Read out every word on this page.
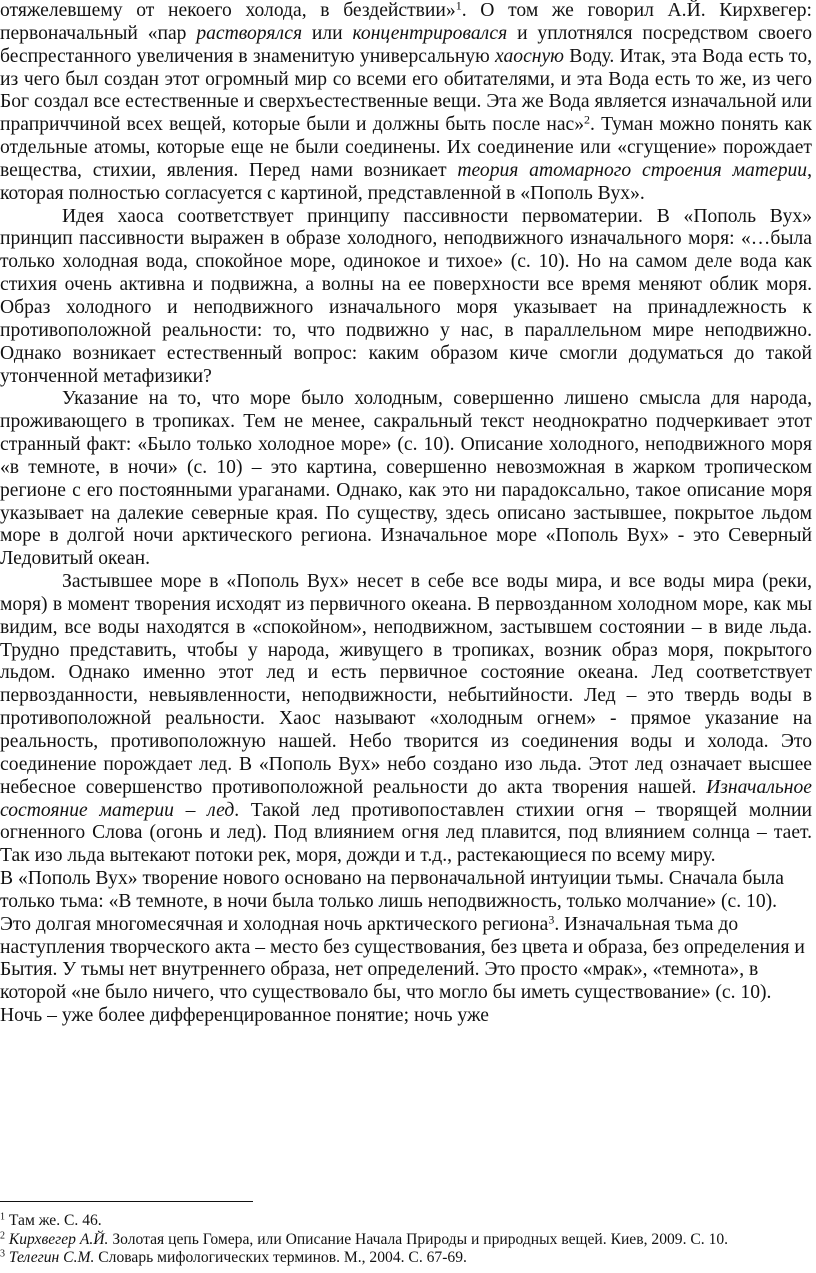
отяжелевшему от некоего холода, в бездействии»$^1$. О том же говорил А.Й. Кирхвегер: первоначальный «пар растворялся или концентрировался и уплотнялся посредством своего беспрестанного увеличения в знаменитую универсальную хаосную Воду. Итак, эта Вода есть то, из чего был создан этот огромный мир со всеми его обитателями, и эта Вода есть то же, из чего Бог создал все естественные и сверхъестественные вещи. Эта же Вода является изначальной или праприччиной всех вещей, которые были и должны быть после нас»$^2$. Туман можно понять как отдельные атомы, которые еще не были соединены. Их соединение или «сгущение» порождает вещества, стихии, явления. Перед нами возникает теория атомарного строения материи, которая полностью согласуется с картиной, представленной в «Пополь Вух».

Идея хаоса соответствует принципу пассивности первоматерии. В «Пополь Вух» принцип пассивности выражен в образе холодного, неподвижного изначального моря: «…была только холодная вода, спокойное море, одинокое и тихое» (с. 10). Но на самом деле вода как стихия очень активна и подвижна, а волны на ее поверхности все время меняют облик моря. Образ холодного и неподвижного изначального моря указывает на принадлежность к противоположной реальности: то, что подвижно у нас, в параллельном мире неподвижно. Однако возникает естественный вопрос: каким образом киче смогли додуматься до такой утонченной метафизики?

Указание на то, что море было холодным, совершенно лишено смысла для народа, проживающего в тропиках. Тем не менее, сакральный текст неоднократно подчеркивает этот странный факт: «Было только холодное море» (с. 10). Описание холодного, неподвижного моря «в темноте, в ночи» (с. 10) – это картина, совершенно невозможная в жарком тропическом регионе с его постоянными ураганами. Однако, как это ни парадоксально, такое описание моря указывает на далекие северные края. По существу, здесь описано застывшее, покрытое льдом море в долгой ночи арктического региона. Изначальное море «Пополь Вух» - это Северный Ледовитый океан.

Застывшее море в «Пополь Вух» несет в себе все воды мира, и все воды мира (реки, моря) в момент творения исходят из первичного океана. В первозданном холодном море, как мы видим, все воды находятся в «спокойном», неподвижном, застывшем состоянии – в виде льда. Трудно представить, чтобы у народа, живущего в тропиках, возник образ моря, покрытого льдом. Однако именно этот лед и есть первичное состояние океана. Лед соответствует первозданности, невыявленности, неподвижности, небытийности. Лед – это твердь воды в противоположной реальности. Хаос называют «холодным огнем» - прямое указание на реальность, противоположную нашей. Небо творится из соединения воды и холода. Это соединение порождает лед. В «Пополь Вух» небо создано изо льда. Этот лед означает высшее небесное совершенство противоположной реальности до акта творения нашей. Изначальное состояние материи – лед. Такой лед противопоставлен стихии огня – творящей молнии огненного Слова (огонь и лед). Под влиянием огня лед плавится, под влиянием солнца – тает. Так изо льда вытекают потоки рек, моря, дожди и т.д., растекающиеся по всему миру.

В «Пополь Вух» творение нового основано на первоначальной интуиции тьмы. Сначала была только тьма: «В темноте, в ночи была только лишь неподвижность, только молчание» (с. 10). Это долгая многомесячная и холодная ночь арктического региона$^3$. Изначальная тьма до наступления творческого акта – место без существования, без цвета и образа, без определения и Бытия. У тьмы нет внутреннего образа, нет определений. Это просто «мрак», «темнота», в которой «не было ничего, что существовало бы, что могло бы иметь существование» (с. 10). Ночь – уже более дифференцированное понятие; ночь уже

$^1$ Там же. С. 46.

$^2$ Кирхвегер А.Й. Золотая цепь Гомера, или Описание Начала Природы и природных вещей. Киев, 2009. С. 10.

$^3$ Телегин С.М. Словарь мифологических терминов. М., 2004. С. 67-69.
